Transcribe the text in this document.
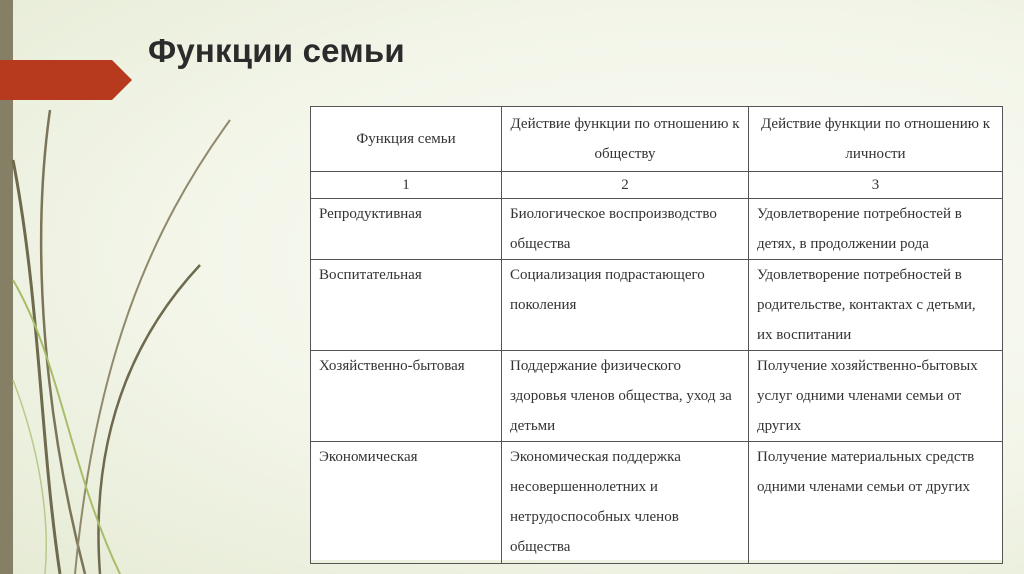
Функции семьи
Функция семьи	Действие функции по отношению к обществу	Действие функции по отношению к личности
1	2	3
Репродуктивная	Биологическое воспроизводство общества	Удовлетворение потребностей в детях, в продолжении рода
Воспитательная	Социализация подрастающего поколения	Удовлетворение потребностей в родительстве, контактах с детьми, их воспитании
Хозяйственно-бытовая	Поддержание физического здоровья членов общества, уход за детьми	Получение хозяйственно-бытовых услуг одними членами семьи от других
Экономическая	Экономическая поддержка несовершеннолетних и нетрудоспособных членов общества	Получение материальных средств одними членами семьи от других
